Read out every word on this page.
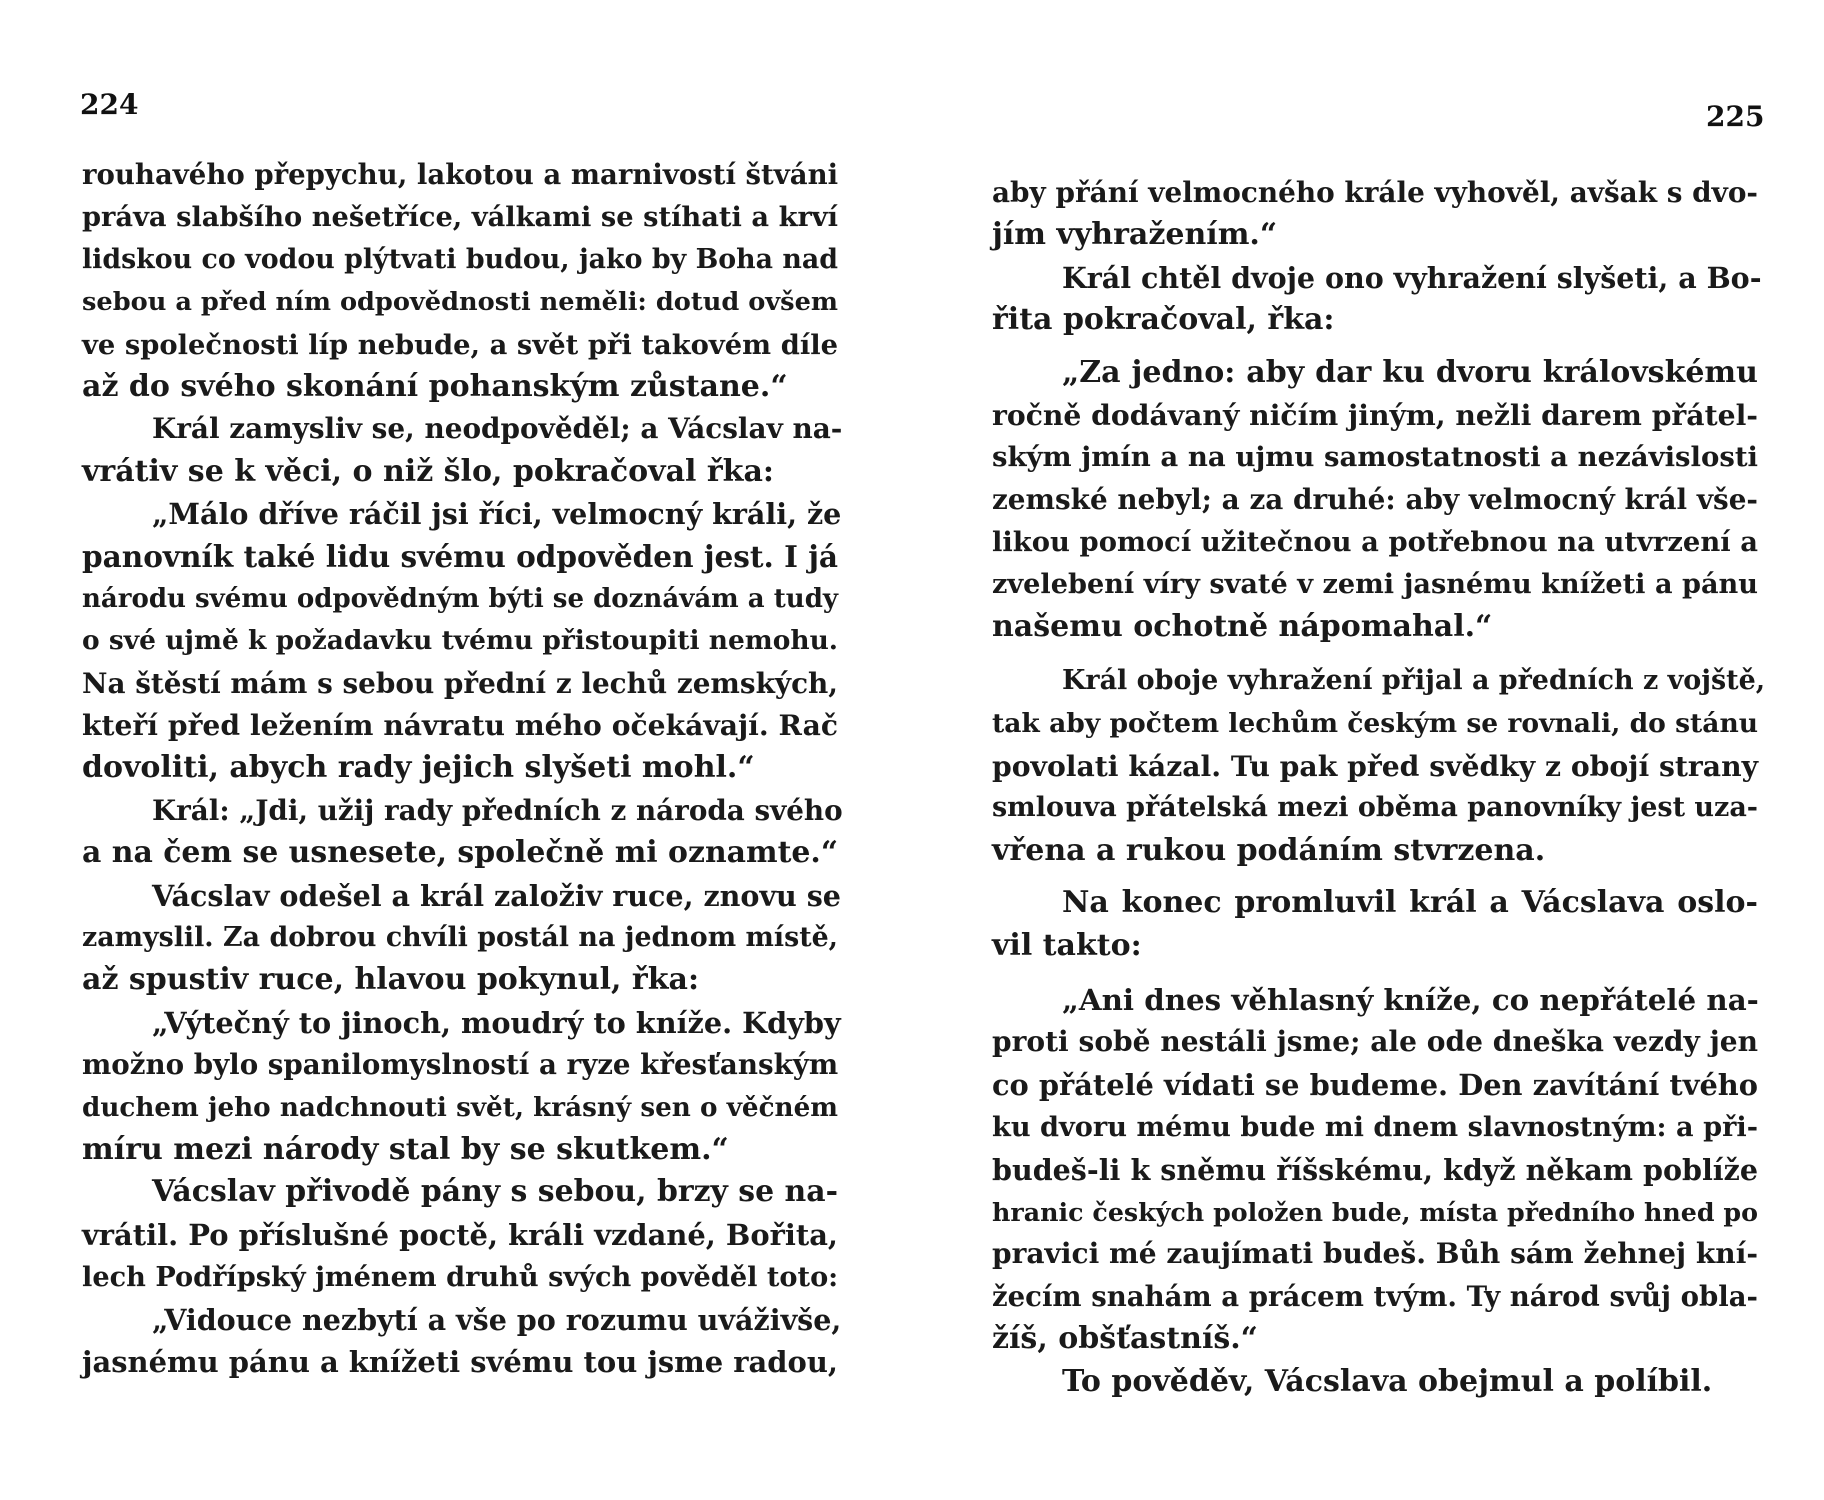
224
rouhavého přepychu, lakotou a marnivostí štváni
práva slabšího nešetříce, válkami se stíhati a krví
lidskou co vodou plýtvati budou, jako by Boha nad
sebou a před ním odpovědnosti neměli: dotud ovšem
ve společnosti líp nebude, a svět při takovém díle
až do svého skonání pohanským zůstane.“
Král zamysliv se, neodpověděl; a Vácslav na-
vrátiv se k věci, o niž šlo, pokračoval řka:
„Málo dříve ráčil jsi říci, velmocný králi, že
panovník také lidu svému odpověden jest. I já
národu svému odpovědným býti se doznávám a tudy
o své ujmě k požadavku tvému přistoupiti nemohu.
Na štěstí mám s sebou přední z lechů zemských,
kteří před ležením návratu mého očekávají. Rač
dovoliti, abych rady jejich slyšeti mohl.“
Král: „Jdi, užij rady předních z národa svého
a na čem se usnesete, společně mi oznamte.“
Vácslav odešel a král založiv ruce, znovu se
zamyslil. Za dobrou chvíli postál na jednom místě,
až spustiv ruce, hlavou pokynul, řka:
„Výtečný to jinoch, moudrý to kníže. Kdyby
možno bylo spanilomyslností a ryze křesťanským
duchem jeho nadchnouti svět, krásný sen o věčném
míru mezi národy stal by se skutkem.“
Vácslav přivodě pány s sebou, brzy se na-
vrátil. Po příslušné poctě, králi vzdané, Bořita,
lech Podřípský jménem druhů svých pověděl toto:
„Vidouce nezbytí a vše po rozumu uváživše,
jasnému pánu a knížeti svému tou jsme radou,
225
aby přání velmocného krále vyhověl, avšak s dvo-
jím vyhražením.“
Král chtěl dvoje ono vyhražení slyšeti, a Bo-
řita pokračoval, řka:
„Za jedno: aby dar ku dvoru královskému
ročně dodávaný ničím jiným, nežli darem přátel-
ským jmín a na ujmu samostatnosti a nezávislosti
zemské nebyl; a za druhé: aby velmocný král vše-
likou pomocí užitečnou a potřebnou na utvrzení a
zvelebení víry svaté v zemi jasnému knížeti a pánu
našemu ochotně nápomahal.“
Král oboje vyhražení přijal a předních z vojště,
tak aby počtem lechům českým se rovnali, do stánu
povolati kázal. Tu pak před svědky z obojí strany
smlouva přátelská mezi oběma panovníky jest uza-
vřena a rukou podáním stvrzena.
Na konec promluvil král a Vácslava oslo-
vil takto:
„Ani dnes věhlasný kníže, co nepřátelé na-
proti sobě nestáli jsme; ale ode dneška vezdy jen
co přátelé vídati se budeme. Den zavítání tvého
ku dvoru mému bude mi dnem slavnostným: a při-
budeš-li k sněmu říšskému, když někam poblíže
hranic českých položen bude, místa předního hned po
pravici mé zaujímati budeš. Bůh sám žehnej kní-
žecím snahám a prácem tvým. Ty národ svůj obla-
žíš, obšťastníš.“
To pověděv, Vácslava obejmul a políbil.
